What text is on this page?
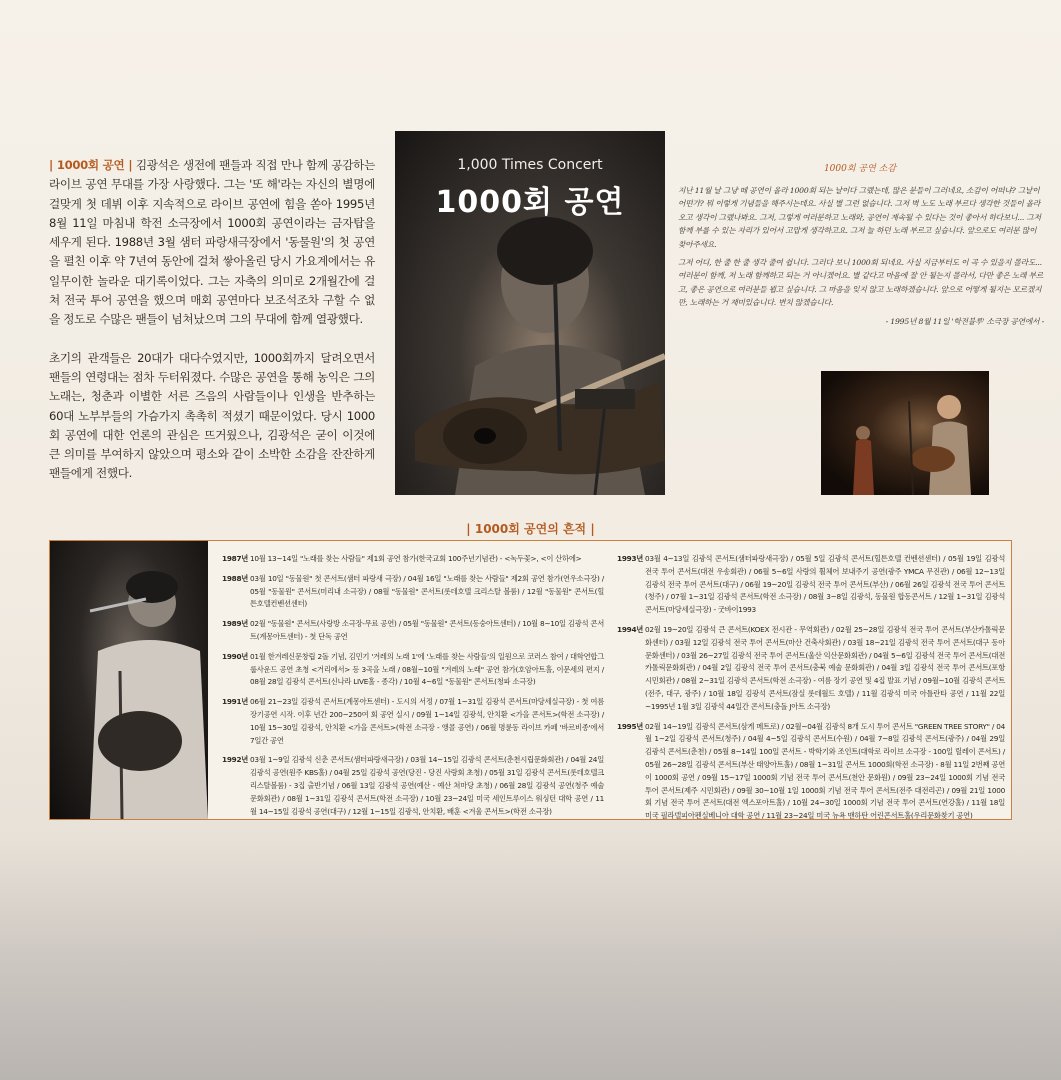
| 1000회 공연 | 김광석은 생전에 팬들과 직접 만나 함께 공감하는 라이브 공연 무대를 가장 사랑했다. 그는 '또 해'라는 자신의 별명에 걸맞게 첫 데뷔 이후 지속적으로 라이브 공연에 힘을 쏟아 1995년 8월 11일 마침내 학전 소극장에서 1000회 공연이라는 금자탑을 세우게 된다. 1988년 3월 샘터 파랑새극장에서 '동물원'의 첫 공연을 펼친 이후 약 7년여 동안에 걸쳐 쌓아올린 당시 가요계에서는 유일무이한 놀라운 대기록이었다. 그는 자축의 의미로 2개월간에 걸쳐 전국 투어 공연을 했으며 매회 공연마다 보조석조차 구할 수 없을 정도로 수많은 팬들이 넘쳐났으며 그의 무대에 함께 열광했다.

초기의 관객들은 20대가 대다수였지만, 1000회까지 달려오면서 팬들의 연령대는 점차 두터워졌다. 수많은 공연을 통해 농익은 그의 노래는, 청춘과 이별한 서른 즈음의 사람들이나 인생을 반추하는 60대 노부부들의 가슴가지 촉촉히 적셨기 때문이었다. 당시 1000회 공연에 대한 언론의 관심은 뜨거웠으나, 김광석은 굳이 이것에 큰 의미를 부여하지 않았으며 평소와 같이 소박한 소감을 잔잔하게 팬들에게 전했다.

1,000 Times Concert
1000회 공연
1000회 공연 소감

지난 11월 날 그냥 떼 공연이 올라 1000회 되는 날이다 그랬는데, 많은 분들이 그러네요, 소감이 어떠냐? 그날이 어떤가? 뭐 이렇게 기념들을 해주시는데요. 사실 별 그런 없습니다. 그저 벽 노도 노래 부르다 생각한 것들이 올라오고 생각이 그랬나봐요. 그저, 그렇게 여러분하고 노래와, 공연이 계속될 수 있다는 것이 좋아서 하다보니... 그저 함께 부를 수 있는 자리가 있어서 고맙게 생각하고요. 그저 늘 하던 노래 부르고 싶습니다. 앞으로도 여러분 많이 찾아주세요.

그저 어디, 한 줄 한 줄 생각 줄여 쉽니다. 그러다 보니 1000회 되네요. 사실 지금부터도 이 곡 수 있을지 몰라도... 여러분이 함께, 저 노래 함께하고 되는 거 아니겠어요. 별 같다고 마음에 잘 안 될는지 몰라서, 다만 좋은 노래 부르고, 좋은 공연으로 여러분들 뵙고 싶습니다. 그 마음을 잊지 않고 노래하겠습니다. 앞으로 어떻게 될지는 모르겠지만, 노래하는 거 재미있습니다. 변치 않겠습니다.

- 1995년 8월 11일 '학전블루' 소극장 공연에서 -

| 1000회 공연의 흔적 |
1987년 10월 13~14일 "노래를 찾는 사람들" 제1회 공연 참가(한국교회 100주년기념관) - <녹두꽃>, <이 산하에>
1988년 03월 10일 "동물원" 첫 콘서트(샘터 파랑새 극장) / 04월 16일 "노래를 찾는 사람들" 제2회 공연 참가(연우소극장) / 05월 "동물원" 콘서트(미리내 소극장) / 08월 "동물원" 콘서트(롯데호텔 크리스탈 볼룸) / 12월 "동물원" 콘서트(힐튼호텔컨벤션센터)
1989년 02월 "동물원" 콘서트(사랑방 소극장-무료 공연) / 05월 "동물원" 콘서트(동숭아트센터) / 10월 8~10일 김광석 콘서트(계몽아트센터) - 첫 단독 공연
1990년 01월 한겨레신문창립 2돌 기념, 김민기 '겨레의 노래 1'에 '노래를 찾는 사람들'의 일원으로 코러스 참여 / 대학연합그룹사운드 공연 초청 <거리에서> 등 3곡을 노래 / 08월~10월 "겨레의 노래" 공연 참가(호암아트홀, 이문세의 편지 / 08월 28일 김광석 콘서트(신나라 LIVE홀 - 종각) / 10월 4~6일 "동물원" 콘서트(청파 소극장)
1991년 06월 21~23일 김광석 콘서트(계몽아트센터) - 도시의 서정 / 07월 1~31일 김광석 콘서트(마당세실극장) - 첫 여름장기공연 시작. 이후 년간 200~250여 회 공연 실시 / 09월 1~14일 김광석, 안치환 <가을 콘서트>(학전 소극장) / 10월 15~30일 김광석, 안치환 <가을 콘서트>(학전 소극장 - 앵콜 공연) / 06월 명륜동 라이브 카페 '바르비종'에서 7일간 공연
1992년 03월 1~9일 김광석 신춘 콘서트(샘터파랑새극장) / 03월 14~15일 김광석 콘서트(춘천시립문화회관) / 04월 24일 김광석 공연(원주 KBS홀) / 04월 25일 김광석 공연(당진 - 당진 사랑회 초청) / 05월 31일 김광석 콘서트(롯데호텔크리스탈볼룸) - 3집 출반기념 / 06월 13일 김광석 공연(예산 - 예산 쳐마당 초청) / 06월 28일 김광석 공연(청주 예술문화회관) / 08월 1~31일 김광석 콘서트(학전 소극장) / 10월 23~24일 미국 세인트루이스 워싱턴 대학 공연 / 11월 14~15일 김광석 공연(대구) / 12월 1~15일 김광석, 안치환, 배훈 <겨울 콘서트>(학전 소극장)
1993년 03월 4~13일 김광석 콘서트(샘터파랑새극장) / 05월 5일 김광석 콘서트(힐튼호텔 컨벤션센터) / 05월 19일 김광석 전국 투어 콘서트(대전 우송회관) / 06월 5~6일 사랑의 휠체어 보내주기 공연(광주 YMCA 무진관) / 06월 12~13일 김광석 전국 투어 콘서트(대구) / 06월 19~20일 김광석 전국 투어 콘서트(부산) / 06월 26일 김광석 전국 투어 콘서트(청주) / 07월 1~31일 김광석 콘서트(학전 소극장) / 08월 3~8일 김광석, 동물원 합동콘서트 / 12월 1~31일 김광석 콘서트(마당세실극장) - 굿바이1993
1994년 02월 19~20일 김광석 큰 콘서트(KOEX 전시관 - 무역회관) / 02월 25~28일 김광석 전국 투어 콘서트(부산카톨릭문화센터) / 03월 12일 김광석 전국 투어 콘서트(마산 건축사회관) / 03월 18~21일 김광석 전국 투어 콘서트(대구 동아문화센터) / 03월 26~27일 김광석 전국 투어 콘서트(울산 익산문화회관) / 04월 5~6일 김광석 전국 투어 콘서트(대전 카톨릭문화회관) / 04월 2일 김광석 전국 투어 콘서트(충북 예술 문화회관) / 04월 3일 김광석 전국 투어 콘서트(포항 시민회관) / 08월 2~31일 김광석 콘서트(학전 소극장) - 여름 장기 공연 및 4집 발표 기념 / 09월~10월 김광석 콘서트(전주, 대구, 광주) / 10월 18일 김광석 콘서트(잠실 롯데월드 호텔) / 11월 김광석 미국 아틀란타 공연 / 11월 22일~1995년 1월 3일 김광석 44일간 콘서트(충돌 J아트 소극장)
1995년 02월 14~19일 김광석 콘서트(삼게 메트로) / 02월~04월 김광석 8개 도시 투어 콘서트 "GREEN TREE STORY" / 04월 1~2일 김광석 콘서트(청주) / 04월 4~5일 김광석 콘서트(수원) / 04월 7~8일 김광석 콘서트(광주) / 04월 29일 김광석 콘서트(춘천) / 05월 8~14일 100일 콘서트 - 박학기와 조인트(대학로 라이브 소극장 - 100일 릴레이 콘서트) / 05월 26~28일 김광석 콘서트(부산 태양아트홀) / 08월 1~31일 콘서트 1000회(학전 소극장) - 8월 11일 2번째 공연이 1000회 공연 / 09월 15~17일 1000회 기념 전국 투어 콘서트(천안 문화원) / 09월 23~24일 1000회 기념 전국 투어 콘서트(제주 시민회관) / 09월 30~10월 1일 1000회 기념 전국 투어 콘서트(전주 대전리곤) / 09월 21일 1000회 기념 전국 투어 콘서트(대전 엑스포아트홀) / 10월 24~30일 1000회 기념 전국 투어 콘서트(연강홀) / 11월 18일 미국 필라델피아펜실베니아 대학 공연 / 11월 23~24일 미국 뉴욕 맨하탄 어린콘서트홀(우리문화찾기 공연)
